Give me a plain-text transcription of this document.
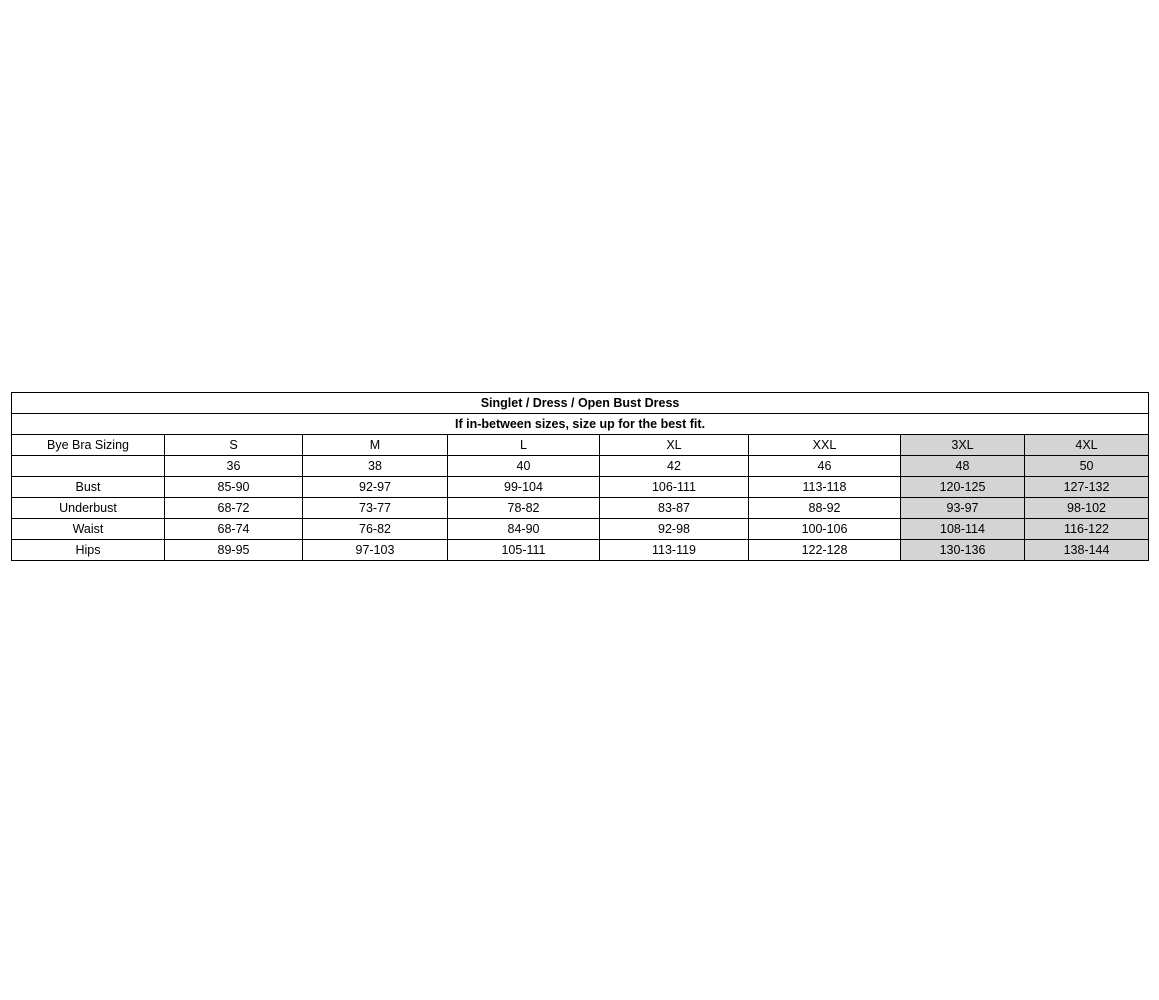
Singlet / Dress / Open Bust Dress							
If in-between sizes, size up for the best fit.							
Bye Bra Sizing	S	M	L	XL	XXL	3XL	4XL
	36	38	40	42	46	48	50
Bust	85-90	92-97	99-104	106-111	113-118	120-125	127-132
Underbust	68-72	73-77	78-82	83-87	88-92	93-97	98-102
Waist	68-74	76-82	84-90	92-98	100-106	108-114	116-122
Hips	89-95	97-103	105-111	113-119	122-128	130-136	138-144
